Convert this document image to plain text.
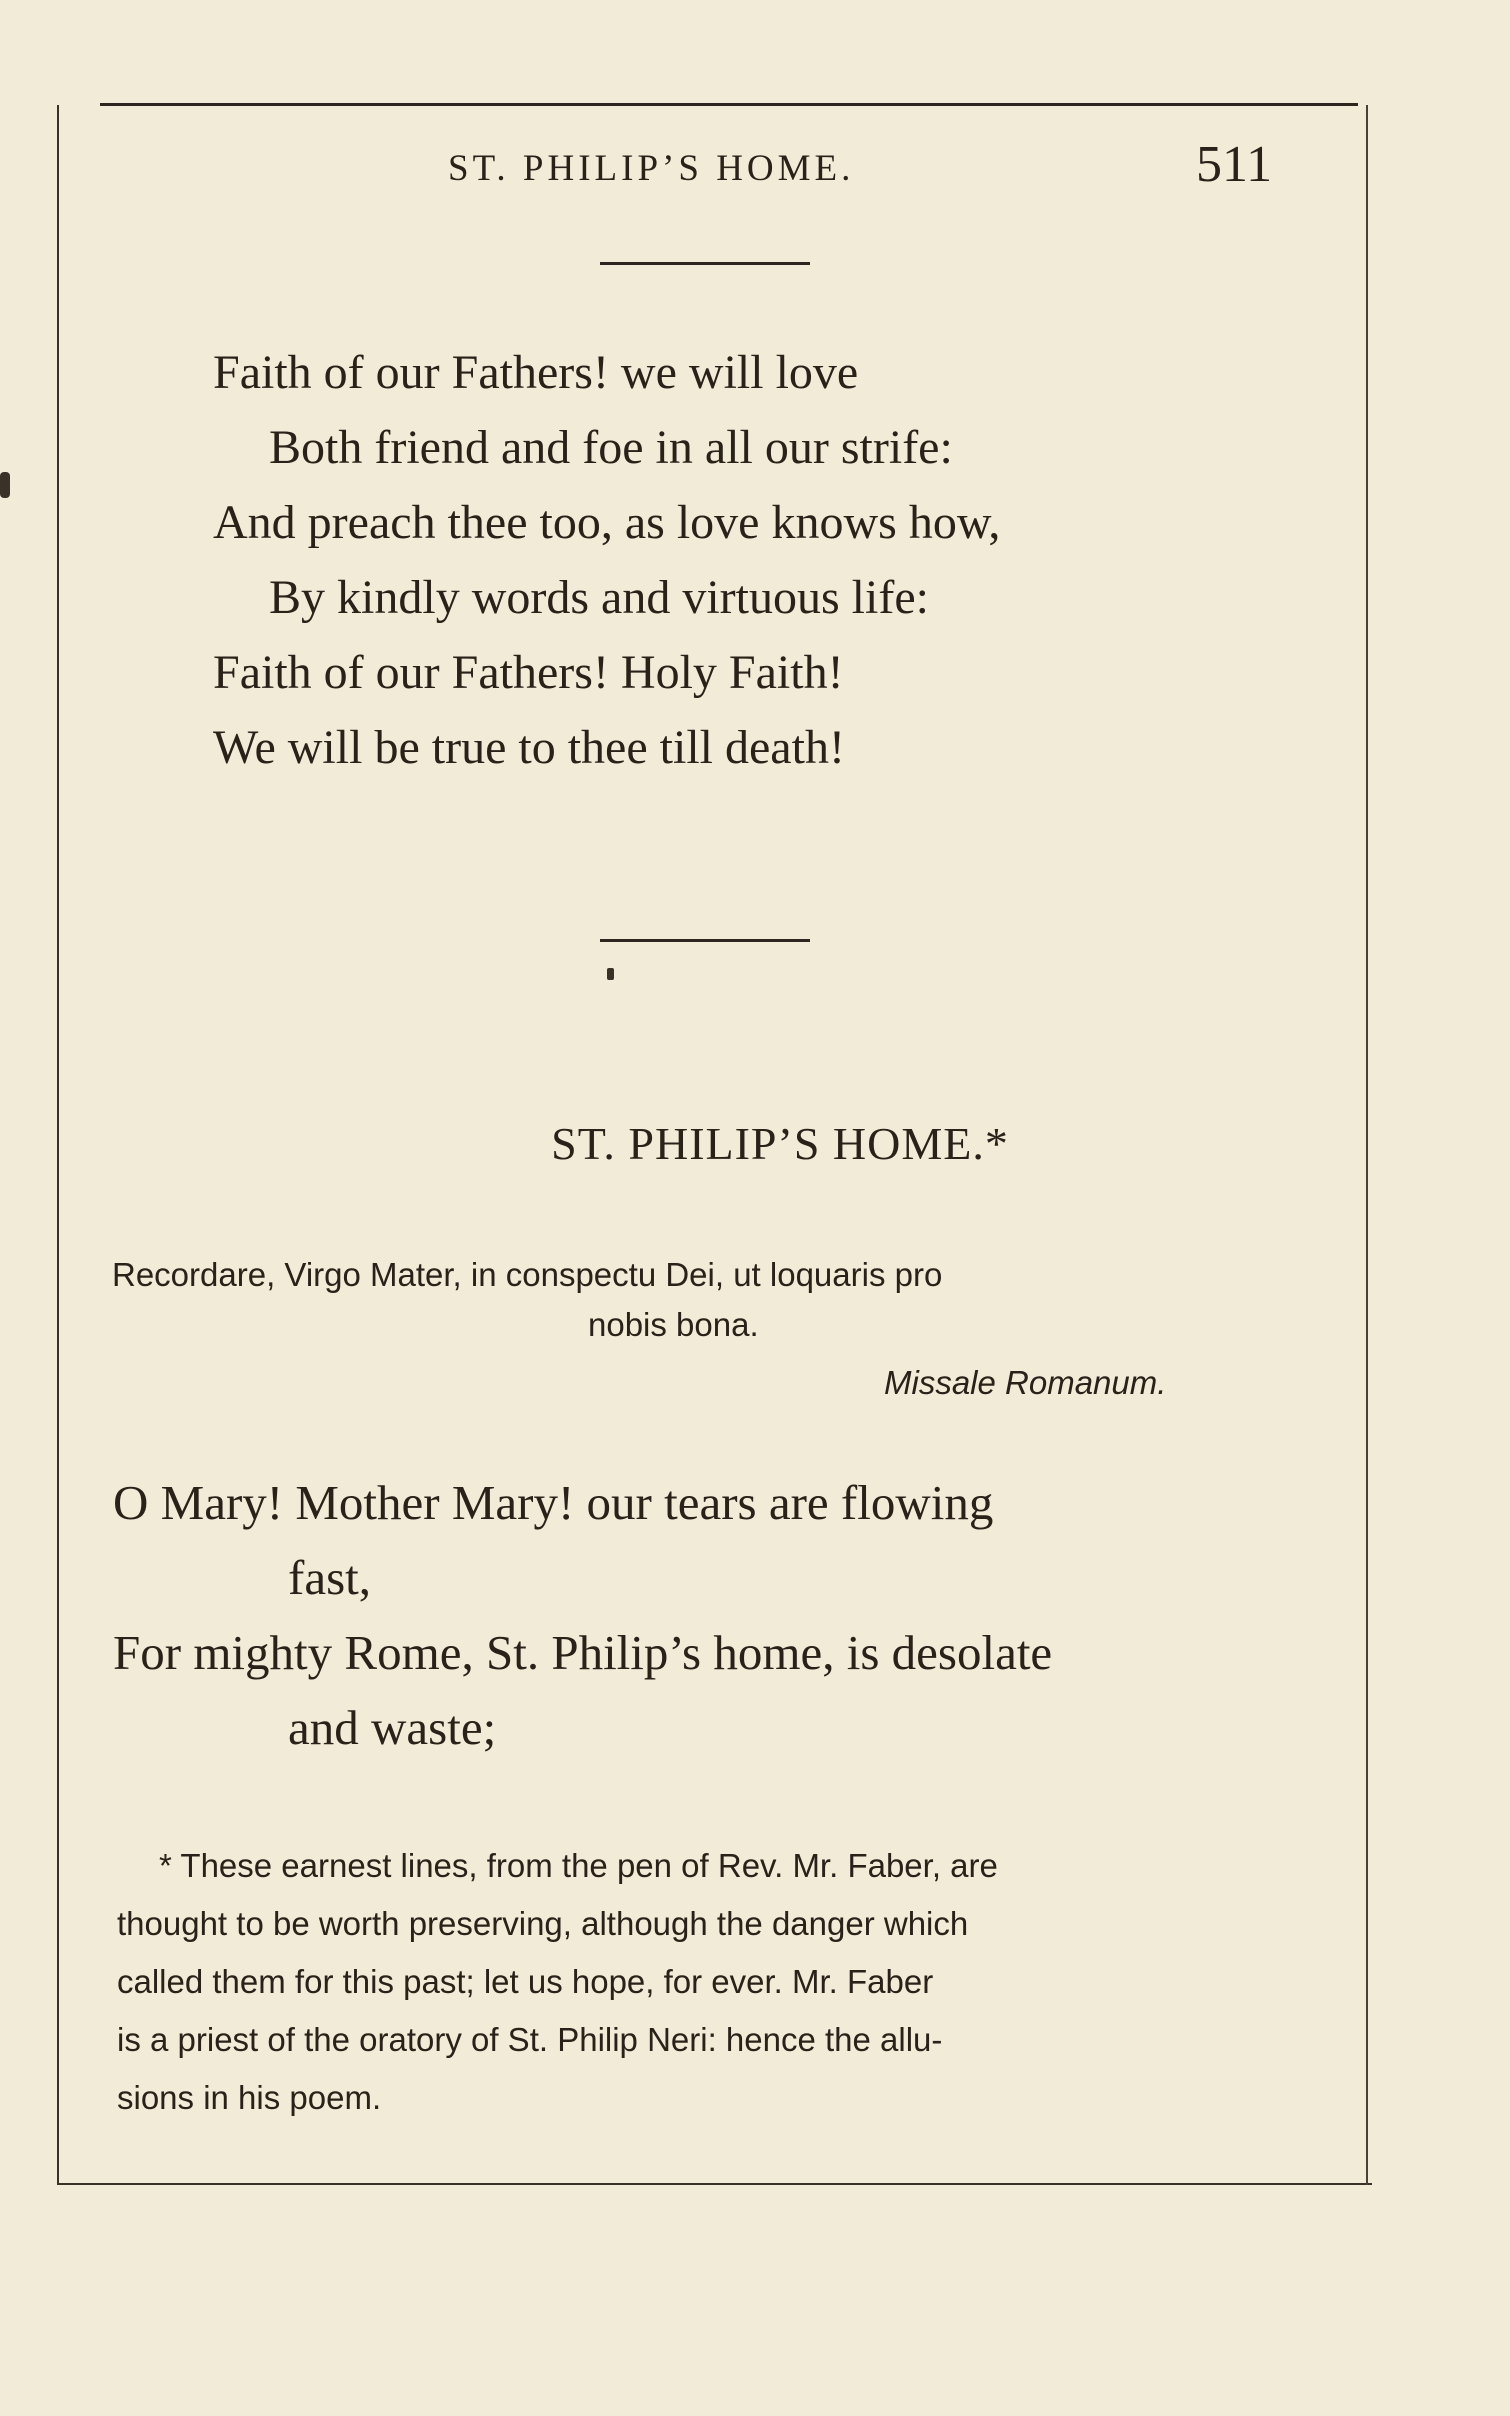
ST. PHILIP’S HOME.	511
Faith of our Fathers! we will love
Both friend and foe in all our strife:
And preach thee too, as love knows how,
By kindly words and virtuous life:
Faith of our Fathers! Holy Faith!
We will be true to thee till death!
ST. PHILIP’S HOME.*
Recordare, Virgo Mater, in conspectu Dei, ut loquaris pro
nobis bona.
Missale Romanum.
O Mary! Mother Mary! our tears are flowing
fast,
For mighty Rome, St. Philip’s home, is desolate
and waste;
* These earnest lines, from the pen of Rev. Mr. Faber, are
thought to be worth preserving, although the danger which
called them for this past; let us hope, for ever. Mr. Faber
is a priest of the oratory of St. Philip Neri: hence the allu-
sions in his poem.
